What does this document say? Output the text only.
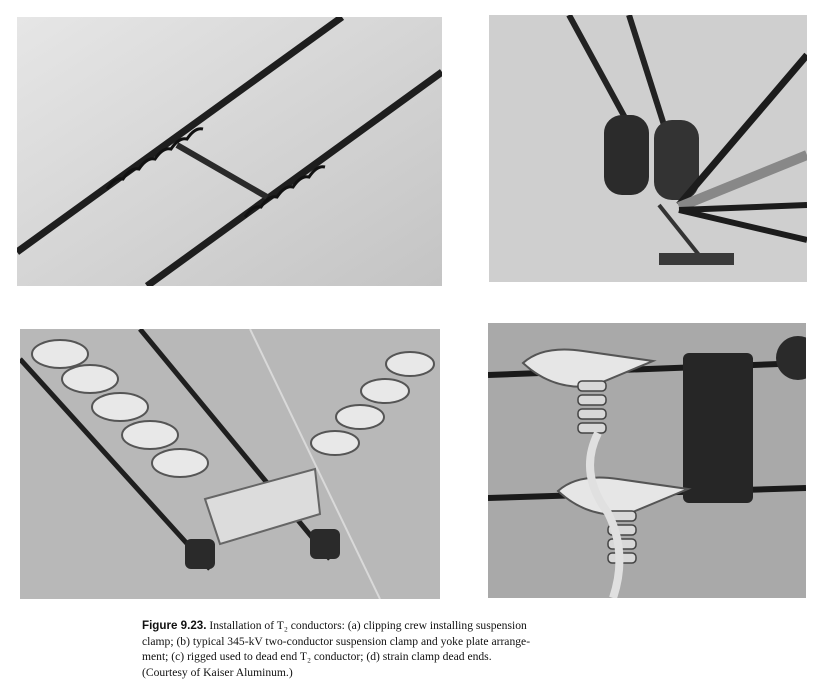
Figure 9.23. Installation of T₂ conductors: (a) clipping crew installing suspension

clamp; (b) typical 345-kV two-conductor suspension clamp and yoke plate arrange-

ment; (c) rigged used to dead end T₂ conductor; (d) strain clamp dead ends.

(Courtesy of Kaiser Aluminum.)
